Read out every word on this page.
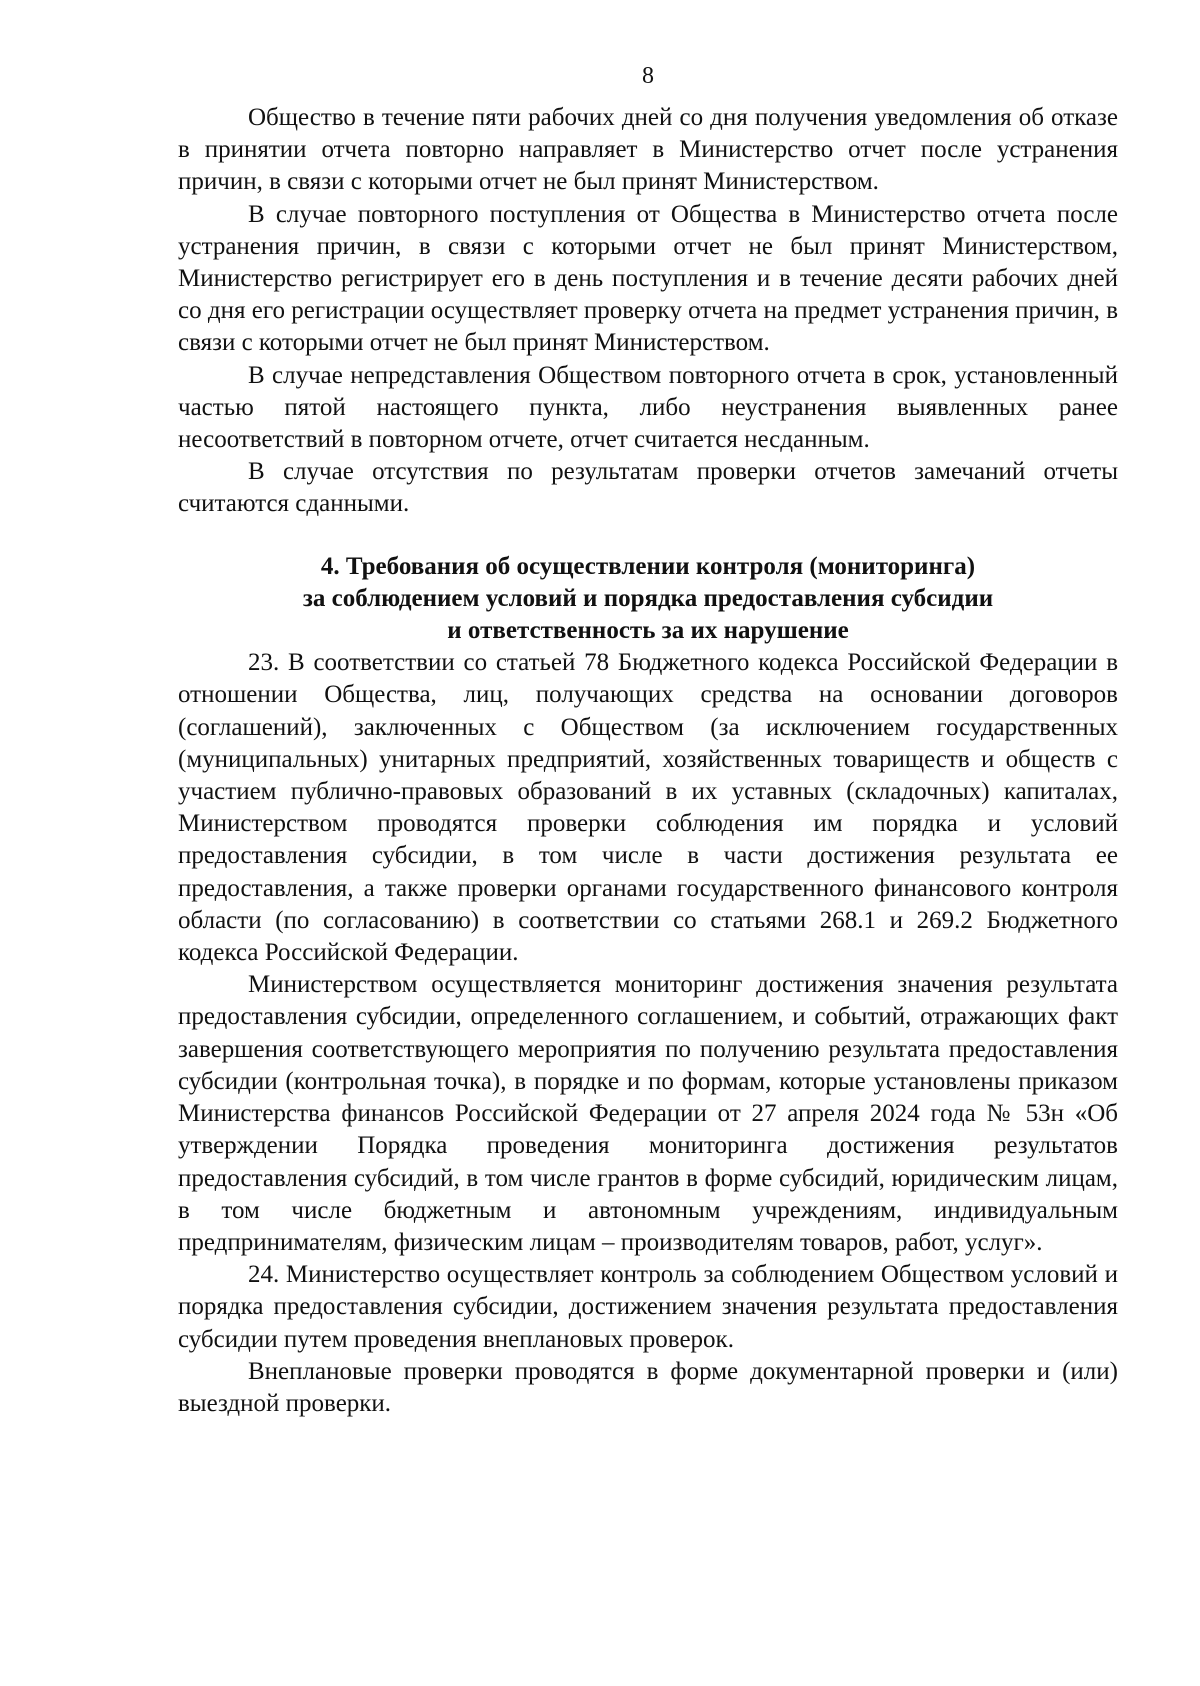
8

Общество в течение пяти рабочих дней со дня получения уведомления об отказе в принятии отчета повторно направляет в Министерство отчет после устранения причин, в связи с которыми отчет не был принят Министерством.

В случае повторного поступления от Общества в Министерство отчета после устранения причин, в связи с которыми отчет не был принят Министерством, Министерство регистрирует его в день поступления и в течение десяти рабочих дней со дня его регистрации осуществляет проверку отчета на предмет устранения причин, в связи с которыми отчет не был принят Министерством.

В случае непредставления Обществом повторного отчета в срок, установленный частью пятой настоящего пункта, либо неустранения выявленных ранее несоответствий в повторном отчете, отчет считается несданным.

В случае отсутствия по результатам проверки отчетов замечаний отчеты считаются сданными.

4. Требования об осуществлении контроля (мониторинга)
за соблюдением условий и порядка предоставления субсидии
и ответственность за их нарушение

23. В соответствии со статьей 78 Бюджетного кодекса Российской Федерации в отношении Общества, лиц, получающих средства на основании договоров (соглашений), заключенных с Обществом (за исключением государственных (муниципальных) унитарных предприятий, хозяйственных товариществ и обществ с участием публично-правовых образований в их уставных (складочных) капиталах, Министерством проводятся проверки соблюдения им порядка и условий предоставления субсидии, в том числе в части достижения результата ее предоставления, а также проверки органами государственного финансового контроля области (по согласованию) в соответствии со статьями 268.1 и 269.2 Бюджетного кодекса Российской Федерации.

Министерством осуществляется мониторинг достижения значения результата предоставления субсидии, определенного соглашением, и событий, отражающих факт завершения соответствующего мероприятия по получению результата предоставления субсидии (контрольная точка), в порядке и по формам, которые установлены приказом Министерства финансов Российской Федерации от 27 апреля 2024 года № 53н «Об утверждении Порядка проведения мониторинга достижения результатов предоставления субсидий, в том числе грантов в форме субсидий, юридическим лицам, в том числе бюджетным и автономным учреждениям, индивидуальным предпринимателям, физическим лицам – производителям товаров, работ, услуг».

24. Министерство осуществляет контроль за соблюдением Обществом условий и порядка предоставления субсидии, достижением значения результата предоставления субсидии путем проведения внеплановых проверок.

Внеплановые проверки проводятся в форме документарной проверки и (или) выездной проверки.
